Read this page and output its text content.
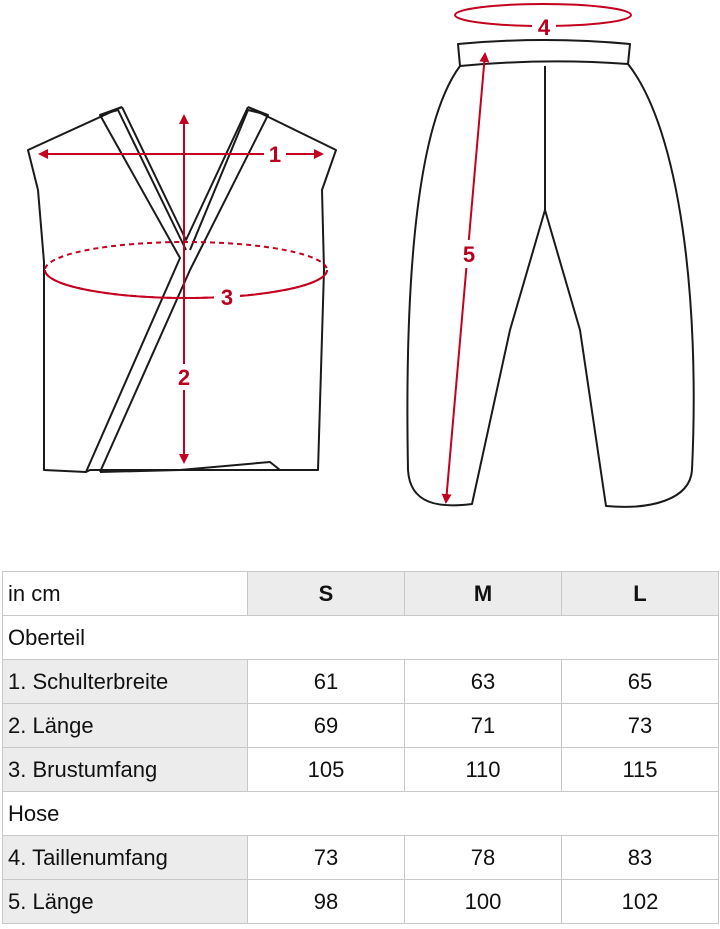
1
2
3
4
5
in cm	S	M	L
Oberteil			
1. Schulterbreite	61	63	65
2. Länge	69	71	73
3. Brustumfang	105	110	115
Hose			
4. Taillenumfang	73	78	83
5. Länge	98	100	102
